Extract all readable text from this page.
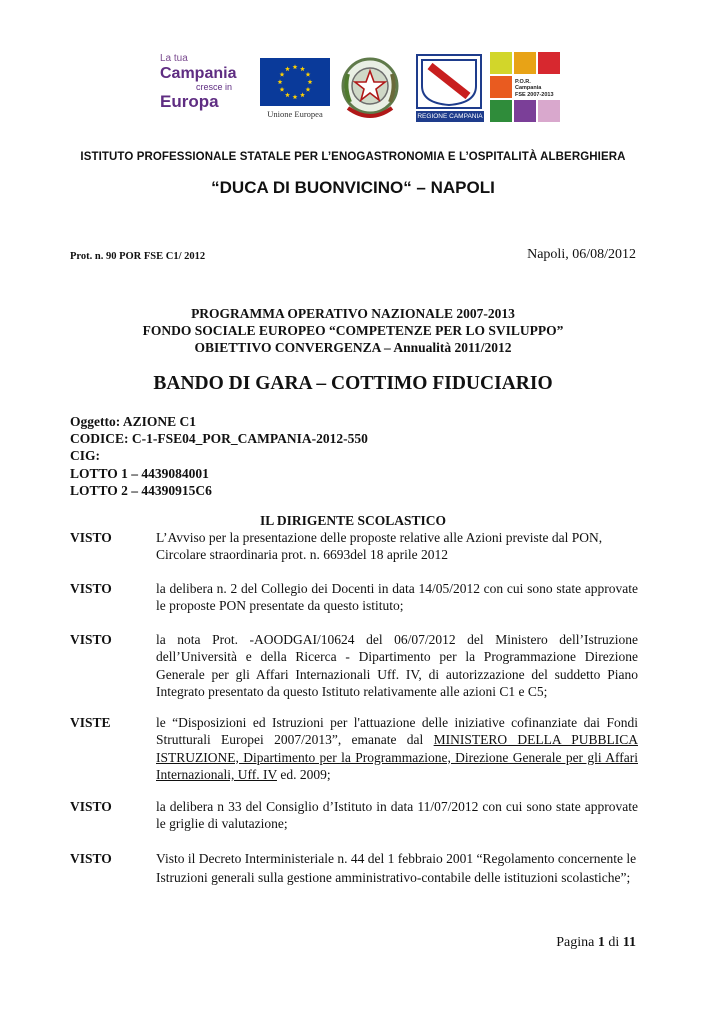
La tua
Campania
cresce in
Europa
Unione Europea	REGIONE CAMPANIA
P.O.R.
Campania
FSE 2007-2013
ISTITUTO PROFESSIONALE STATALE PER L’ENOGASTRONOMIA E L’OSPITALITÀ ALBERGHIERA
“DUCA DI BUONVICINO“ – NAPOLI
Prot. n. 90 POR FSE C1/ 2012	Napoli, 06/08/2012
PROGRAMMA OPERATIVO NAZIONALE 2007-2013
FONDO SOCIALE EUROPEO “COMPETENZE PER LO SVILUPPO”
OBIETTIVO CONVERGENZA – Annualità 2011/2012
BANDO DI GARA – COTTIMO FIDUCIARIO
Oggetto: AZIONE C1
CODICE: C-1-FSE04_POR_CAMPANIA-2012-550
CIG:
LOTTO 1 – 4439084001
LOTTO 2 – 44390915C6
IL DIRIGENTE SCOLASTICO
VISTO	L’Avviso per la presentazione delle proposte relative alle Azioni previste dal PON, Circolare straordinaria prot. n. 6693del 18 aprile 2012
VISTO	la delibera n. 2 del Collegio dei Docenti in data 14/05/2012 con cui sono state approvate le proposte PON presentate da questo istituto;
VISTO	la nota Prot. -AOODGAI/10624 del 06/07/2012 del Ministero dell’Istruzione dell’Università e della Ricerca - Dipartimento per la Programmazione Direzione Generale per gli Affari Internazionali Uff. IV, di autorizzazione del suddetto Piano Integrato presentato da questo Istituto relativamente alle azioni C1 e C5;
VISTE	le “Disposizioni ed Istruzioni per l'attuazione delle iniziative cofinanziate dai Fondi Strutturali Europei 2007/2013”, emanate dal MINISTERO DELLA PUBBLICA ISTRUZIONE, Dipartimento per la Programmazione, Direzione Generale per gli Affari Internazionali, Uff. IV ed. 2009;
VISTO	la delibera n 33 del Consiglio d’Istituto in data 11/07/2012 con cui sono state approvate le griglie di valutazione;
VISTO	Visto il Decreto Interministeriale n. 44 del 1 febbraio 2001 “Regolamento concernente le Istruzioni generali sulla gestione amministrativo-contabile delle istituzioni scolastiche”;
Pagina 1 di 11
